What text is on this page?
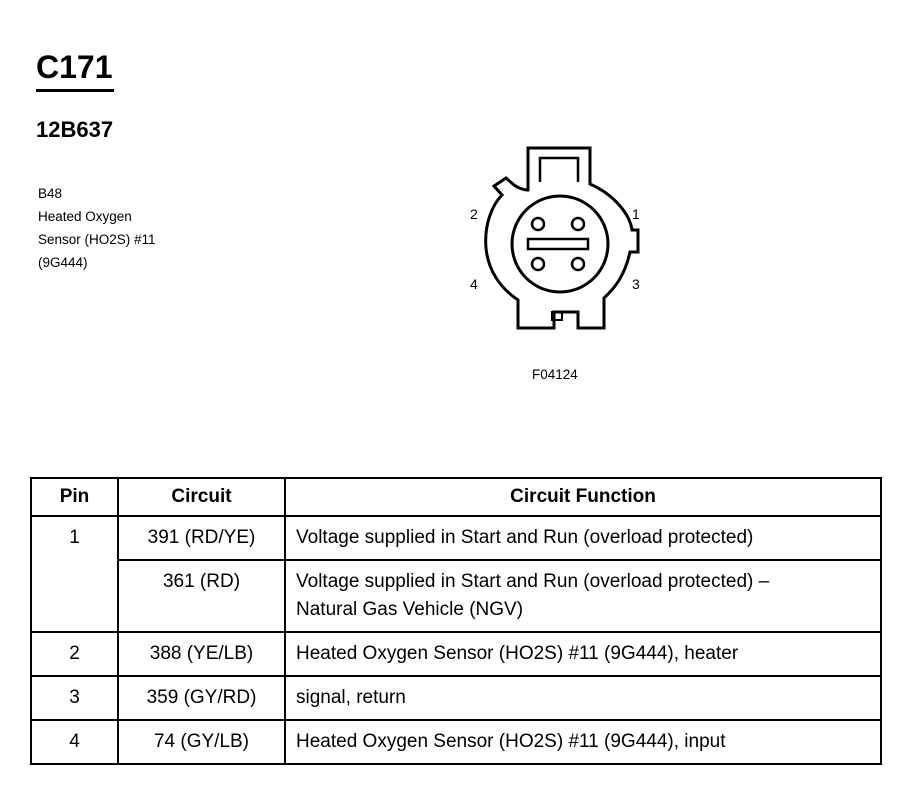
C171
12B637
B48
Heated Oxygen
Sensor (HO2S) #11
(9G444)
2	1
4	3
F04124
Pin	Circuit	Circuit Function
1	391 (RD/YE)	Voltage supplied in Start and Run (overload protected)
	361 (RD)	Voltage supplied in Start and Run (overload protected) –
Natural Gas Vehicle (NGV)

2	388 (YE/LB)	Heated Oxygen Sensor (HO2S) #11 (9G444), heater
3	359 (GY/RD)	signal, return
4	74 (GY/LB)	Heated Oxygen Sensor (HO2S) #11 (9G444), input
